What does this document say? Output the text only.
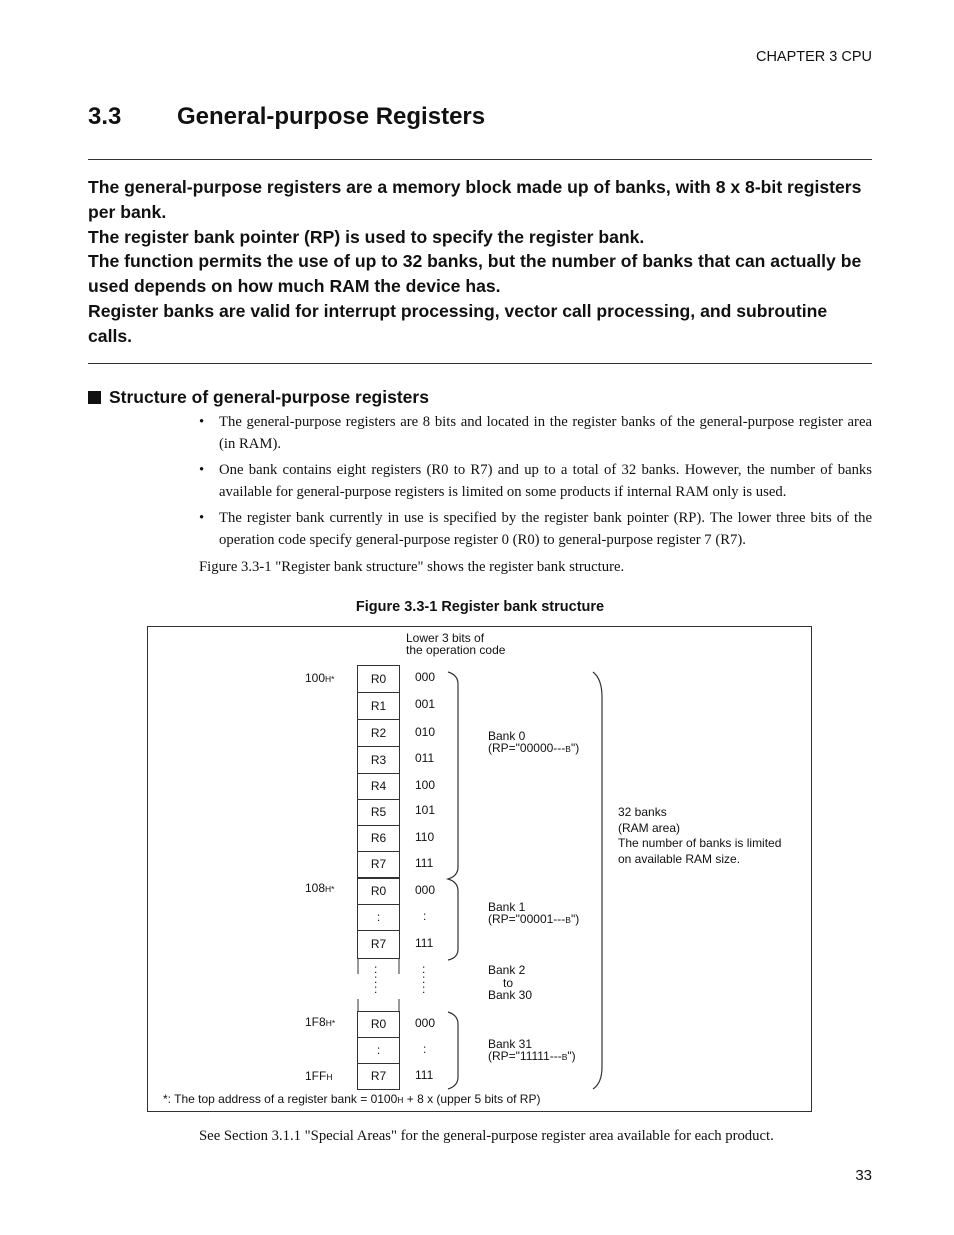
CHAPTER 3 CPU
3.3 General-purpose Registers

The general-purpose registers are a memory block made up of banks, with 8 x 8-bit registers per bank.

The register bank pointer (RP) is used to specify the register bank.

The function permits the use of up to 32 banks, but the number of banks that can actually be used depends on how much RAM the device has.

Register banks are valid for interrupt processing, vector call processing, and subroutine calls.

Structure of general-purpose registers
• The general-purpose registers are 8 bits and located in the register banks of the general-purpose register area (in RAM).
• One bank contains eight registers (R0 to R7) and up to a total of 32 banks. However, the number of banks available for general-purpose registers is limited on some products if internal RAM only is used.
• The register bank currently in use is specified by the register bank pointer (RP). The lower three bits of the operation code specify general-purpose register 0 (R0) to general-purpose register 7 (R7).

Figure 3.3-1 "Register bank structure" shows the register bank structure.

Figure 3.3-1 Register bank structure
Lower 3 bits of
the operation code
100H*
108H*
1F8H*
1FFH
R0
R1
R2
R3
R4
R5
R6
R7
R0
:
R7
R0
:
R7
:
:
:
:
:
:
000
001
010
011
100
101
110
111
000
:
111
000
:
111
Bank 0
(RP="00000---B")
Bank 1
(RP="00001---B")
Bank 2
to
Bank 30
Bank 31
(RP="11111---B")
32 banks
(RAM area)
The number of banks is limited
on available RAM size.
*: The top address of a register bank = 0100H + 8 x (upper 5 bits of RP)

See Section 3.1.1 "Special Areas" for the general-purpose register area available for each product.

33
